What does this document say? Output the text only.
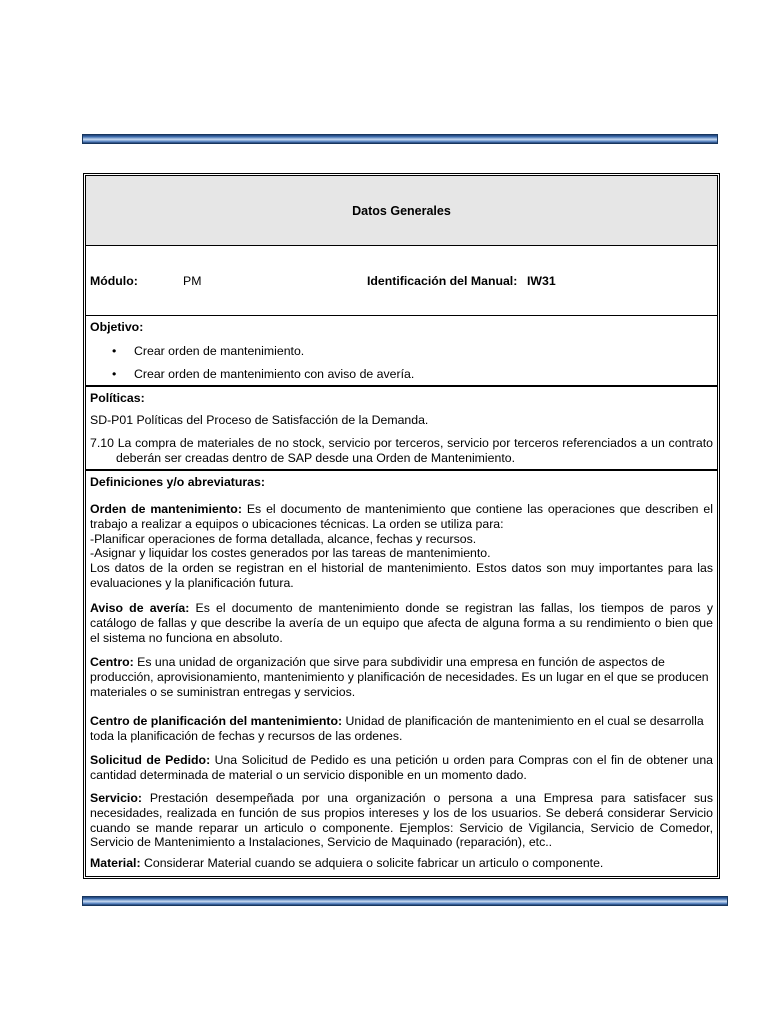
Datos Generales
Módulo:	PM	Identificación del Manual: IW31
Objetivo:
• Crear orden de mantenimiento.
• Crear orden de mantenimiento con aviso de avería.
Políticas:

SD-P01 Políticas del Proceso de Satisfacción de la Demanda.

7.10 La compra de materiales de no stock, servicio por terceros, servicio por terceros referenciados a un contrato deberán ser creadas dentro de SAP desde una Orden de Mantenimiento.

Definiciones y/o abreviaturas:
Orden de mantenimiento: Es el documento de mantenimiento que contiene las operaciones que describen el trabajo a realizar a equipos o ubicaciones técnicas. La orden se utiliza para:
-Planificar operaciones de forma detallada, alcance, fechas y recursos.
-Asignar y liquidar los costes generados por las tareas de mantenimiento.
Los datos de la orden se registran en el historial de mantenimiento. Estos datos son muy importantes para las evaluaciones y la planificación futura.
Aviso de avería: Es el documento de mantenimiento donde se registran las fallas, los tiempos de paros y catálogo de fallas y que describe la avería de un equipo que afecta de alguna forma a su rendimiento o bien que el sistema no funciona en absoluto.
Centro: Es una unidad de organización que sirve para subdividir una empresa en función de aspectos de producción, aprovisionamiento, mantenimiento y planificación de necesidades. Es un lugar en el que se producen materiales o se suministran entregas y servicios.
Centro de planificación del mantenimiento: Unidad de planificación de mantenimiento en el cual se desarrolla toda la planificación de fechas y recursos de las ordenes.
Solicitud de Pedido: Una Solicitud de Pedido es una petición u orden para Compras con el fin de obtener una cantidad determinada de material o un servicio disponible en un momento dado.
Servicio: Prestación desempeñada por una organización o persona a una Empresa para satisfacer sus necesidades, realizada en función de sus propios intereses y los de los usuarios. Se deberá considerar Servicio cuando se mande reparar un articulo o componente. Ejemplos: Servicio de Vigilancia, Servicio de Comedor, Servicio de Mantenimiento a Instalaciones, Servicio de Maquinado (reparación), etc..
Material: Considerar Material cuando se adquiera o solicite fabricar un articulo o componente.
